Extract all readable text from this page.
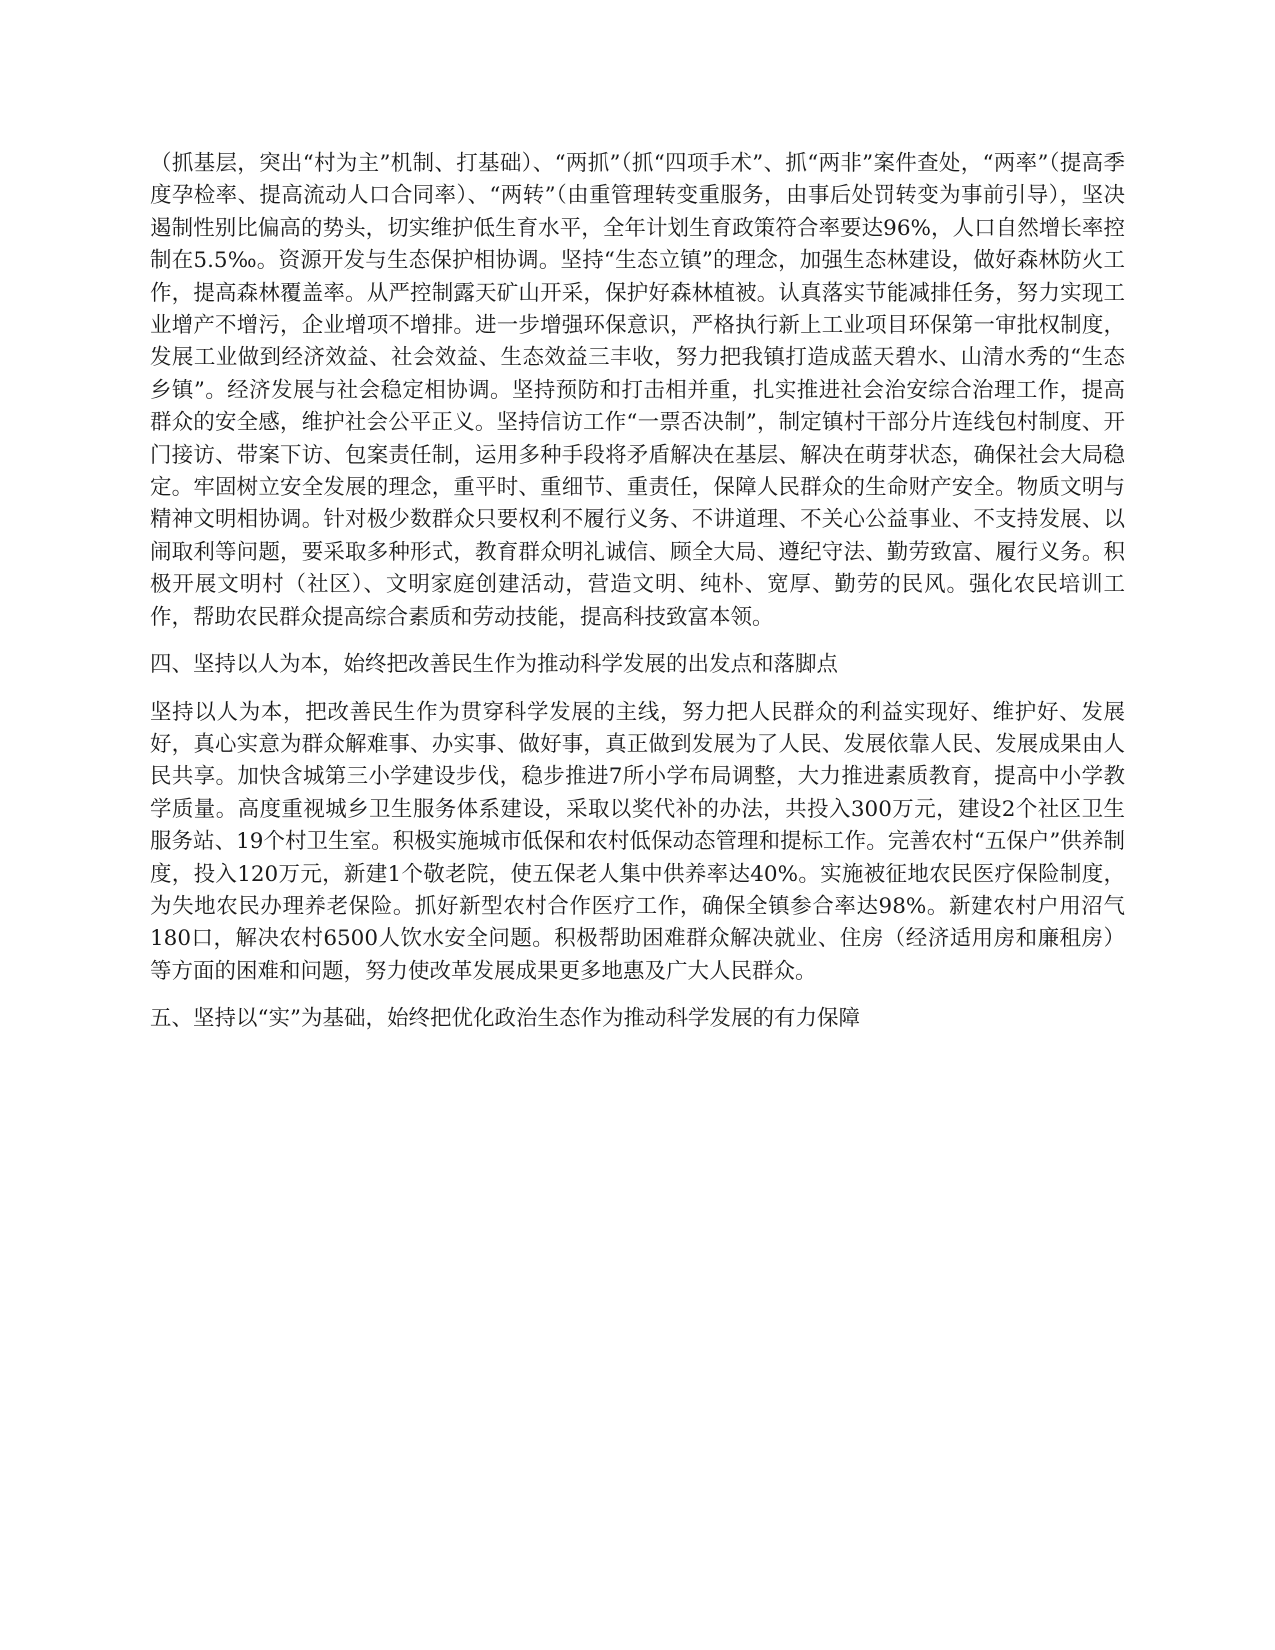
（抓基层，突出“村为主”机制、打基础）、“两抓”（抓“四项手术”、抓“两非”案件查处，“两率”（提高季度孕检率、提高流动人口合同率）、“两转”（由重管理转变重服务，由事后处罚转变为事前引导），坚决遏制性别比偏高的势头，切实维护低生育水平，全年计划生育政策符合率要达96%，人口自然增长率控制在5.5‰。资源开发与生态保护相协调。坚持“生态立镇”的理念，加强生态林建设，做好森林防火工作，提高森林覆盖率。从严控制露天矿山开采，保护好森林植被。认真落实节能减排任务，努力实现工业增产不增污，企业增项不增排。进一步增强环保意识，严格执行新上工业项目环保第一审批权制度，发展工业做到经济效益、社会效益、生态效益三丰收，努力把我镇打造成蓝天碧水、山清水秀的“生态乡镇”。经济发展与社会稳定相协调。坚持预防和打击相并重，扎实推进社会治安综合治理工作，提高群众的安全感，维护社会公平正义。坚持信访工作“一票否决制”，制定镇村干部分片连线包村制度、开门接访、带案下访、包案责任制，运用多种手段将矛盾解决在基层、解决在萌芽状态，确保社会大局稳定。牢固树立安全发展的理念，重平时、重细节、重责任，保障人民群众的生命财产安全。物质文明与精神文明相协调。针对极少数群众只要权利不履行义务、不讲道理、不关心公益事业、不支持发展、以闹取利等问题，要采取多种形式，教育群众明礼诚信、顾全大局、遵纪守法、勤劳致富、履行义务。积极开展文明村（社区）、文明家庭创建活动，营造文明、纯朴、宽厚、勤劳的民风。强化农民培训工作，帮助农民群众提高综合素质和劳动技能，提高科技致富本领。

四、坚持以人为本，始终把改善民生作为推动科学发展的出发点和落脚点

坚持以人为本，把改善民生作为贯穿科学发展的主线，努力把人民群众的利益实现好、维护好、发展好，真心实意为群众解难事、办实事、做好事，真正做到发展为了人民、发展依靠人民、发展成果由人民共享。加快含城第三小学建设步伐，稳步推进7所小学布局调整，大力推进素质教育，提高中小学教学质量。高度重视城乡卫生服务体系建设，采取以奖代补的办法，共投入300万元，建设2个社区卫生服务站、19个村卫生室。积极实施城市低保和农村低保动态管理和提标工作。完善农村“五保户”供养制度，投入120万元，新建1个敬老院，使五保老人集中供养率达40%。实施被征地农民医疗保险制度，为失地农民办理养老保险。抓好新型农村合作医疗工作，确保全镇参合率达98%。新建农村户用沼气180口，解决农村6500人饮水安全问题。积极帮助困难群众解决就业、住房（经济适用房和廉租房）等方面的困难和问题，努力使改革发展成果更多地惠及广大人民群众。

五、坚持以“实”为基础，始终把优化政治生态作为推动科学发展的有力保障
